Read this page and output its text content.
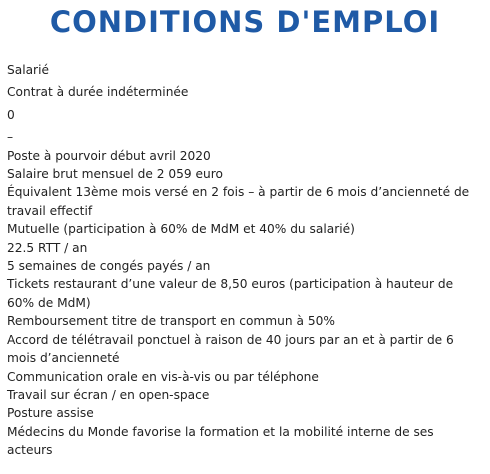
CONDITIONS D'EMPLOI
Salarié
Contrat à durée indéterminée
0
–
Poste à pourvoir début avril 2020
Salaire brut mensuel de 2 059 euro
Équivalent 13ème mois versé en 2 fois – à partir de 6 mois d’ancienneté de travail effectif
Mutuelle (participation à 60% de MdM et 40% du salarié)
22.5 RTT / an
5 semaines de congés payés / an
Tickets restaurant d’une valeur de 8,50 euros (participation à hauteur de 60% de MdM)
Remboursement titre de transport en commun à 50%
Accord de télétravail ponctuel à raison de 40 jours par an et à partir de 6 mois d’ancienneté
Communication orale en vis-à-vis ou par téléphone
Travail sur écran / en open-space
Posture assise
Médecins du Monde favorise la formation et la mobilité interne de ses acteurs
